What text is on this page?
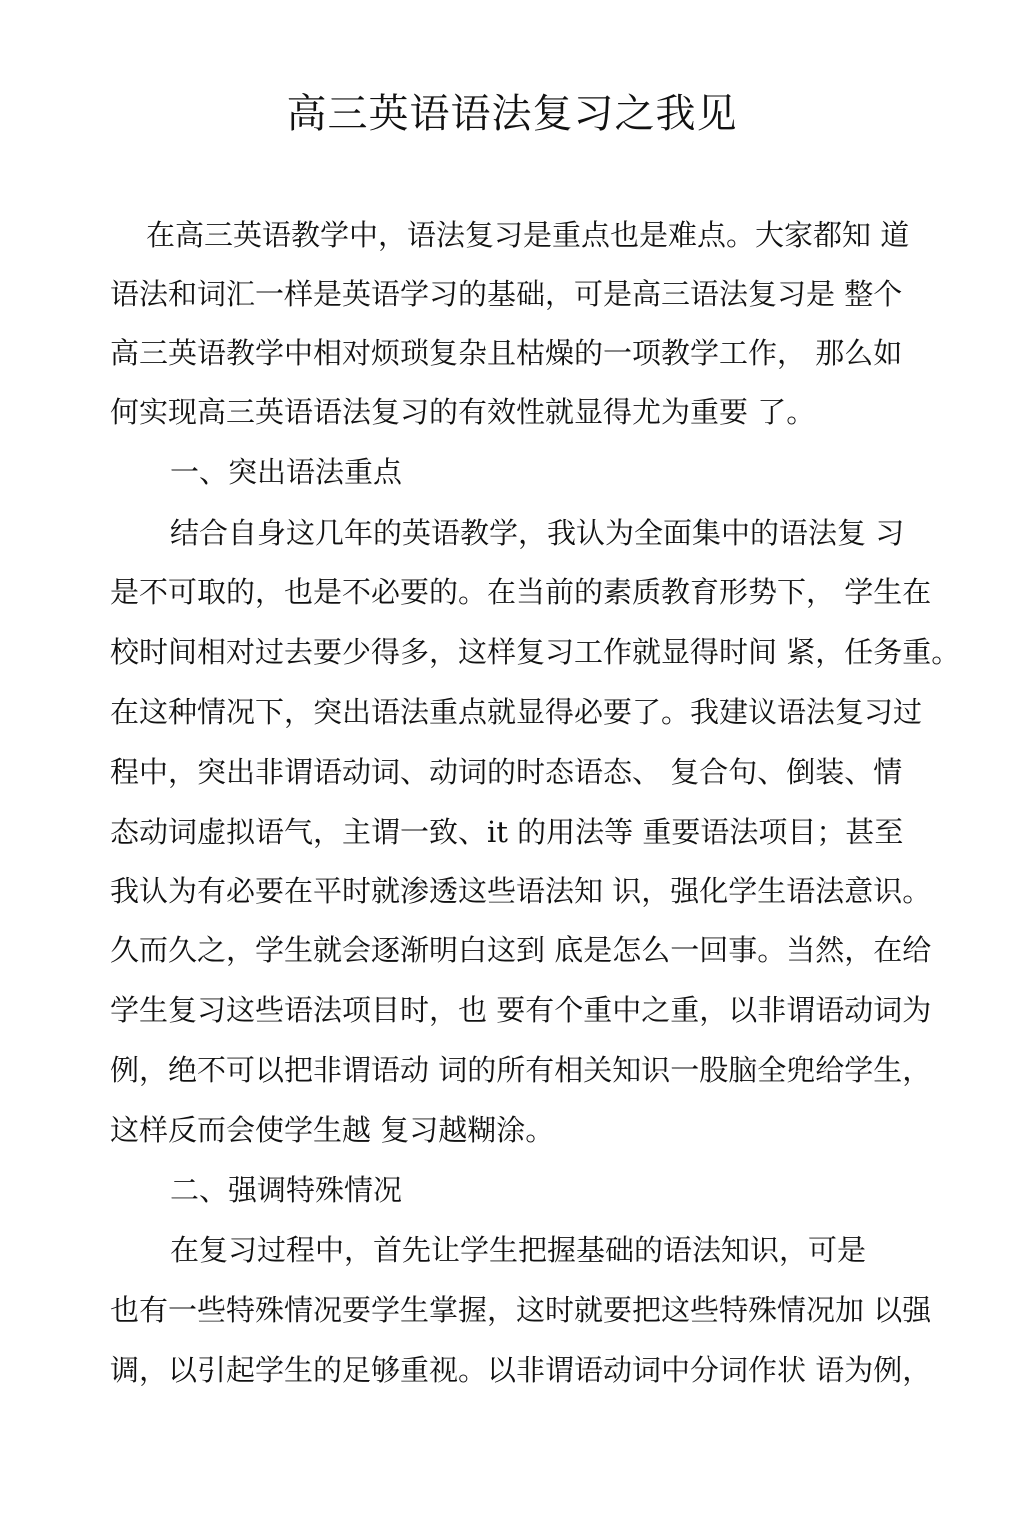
高三英语语法复习之我见
在高三英语教学中，语法复习是重点也是难点。大家都知 道
语法和词汇一样是英语学习的基础，可是高三语法复习是 整个
高三英语教学中相对烦琐复杂且枯燥的一项教学工作， 那么如
何实现高三英语语法复习的有效性就显得尤为重要 了。
一、突出语法重点
结合自身这几年的英语教学，我认为全面集中的语法复 习
是不可取的，也是不必要的。在当前的素质教育形势下， 学生在
校时间相对过去要少得多，这样复习工作就显得时间 紧，任务重。
在这种情况下，突出语法重点就显得必要了。我建议语法复习过
程中，突出非谓语动词、动词的时态语态、 复合句、倒装、情
态动词虚拟语气，主谓一致、it 的用法等 重要语法项目；甚至
我认为有必要在平时就渗透这些语法知 识，强化学生语法意识。
久而久之，学生就会逐渐明白这到 底是怎么一回事。当然，在给
学生复习这些语法项目时，也 要有个重中之重，以非谓语动词为
例，绝不可以把非谓语动 词的所有相关知识一股脑全兜给学生，
这样反而会使学生越 复习越糊涂。
二、强调特殊情况
在复习过程中，首先让学生把握基础的语法知识，可是
也有一些特殊情况要学生掌握，这时就要把这些特殊情况加 以强
调，以引起学生的足够重视。以非谓语动词中分词作状 语为例，
